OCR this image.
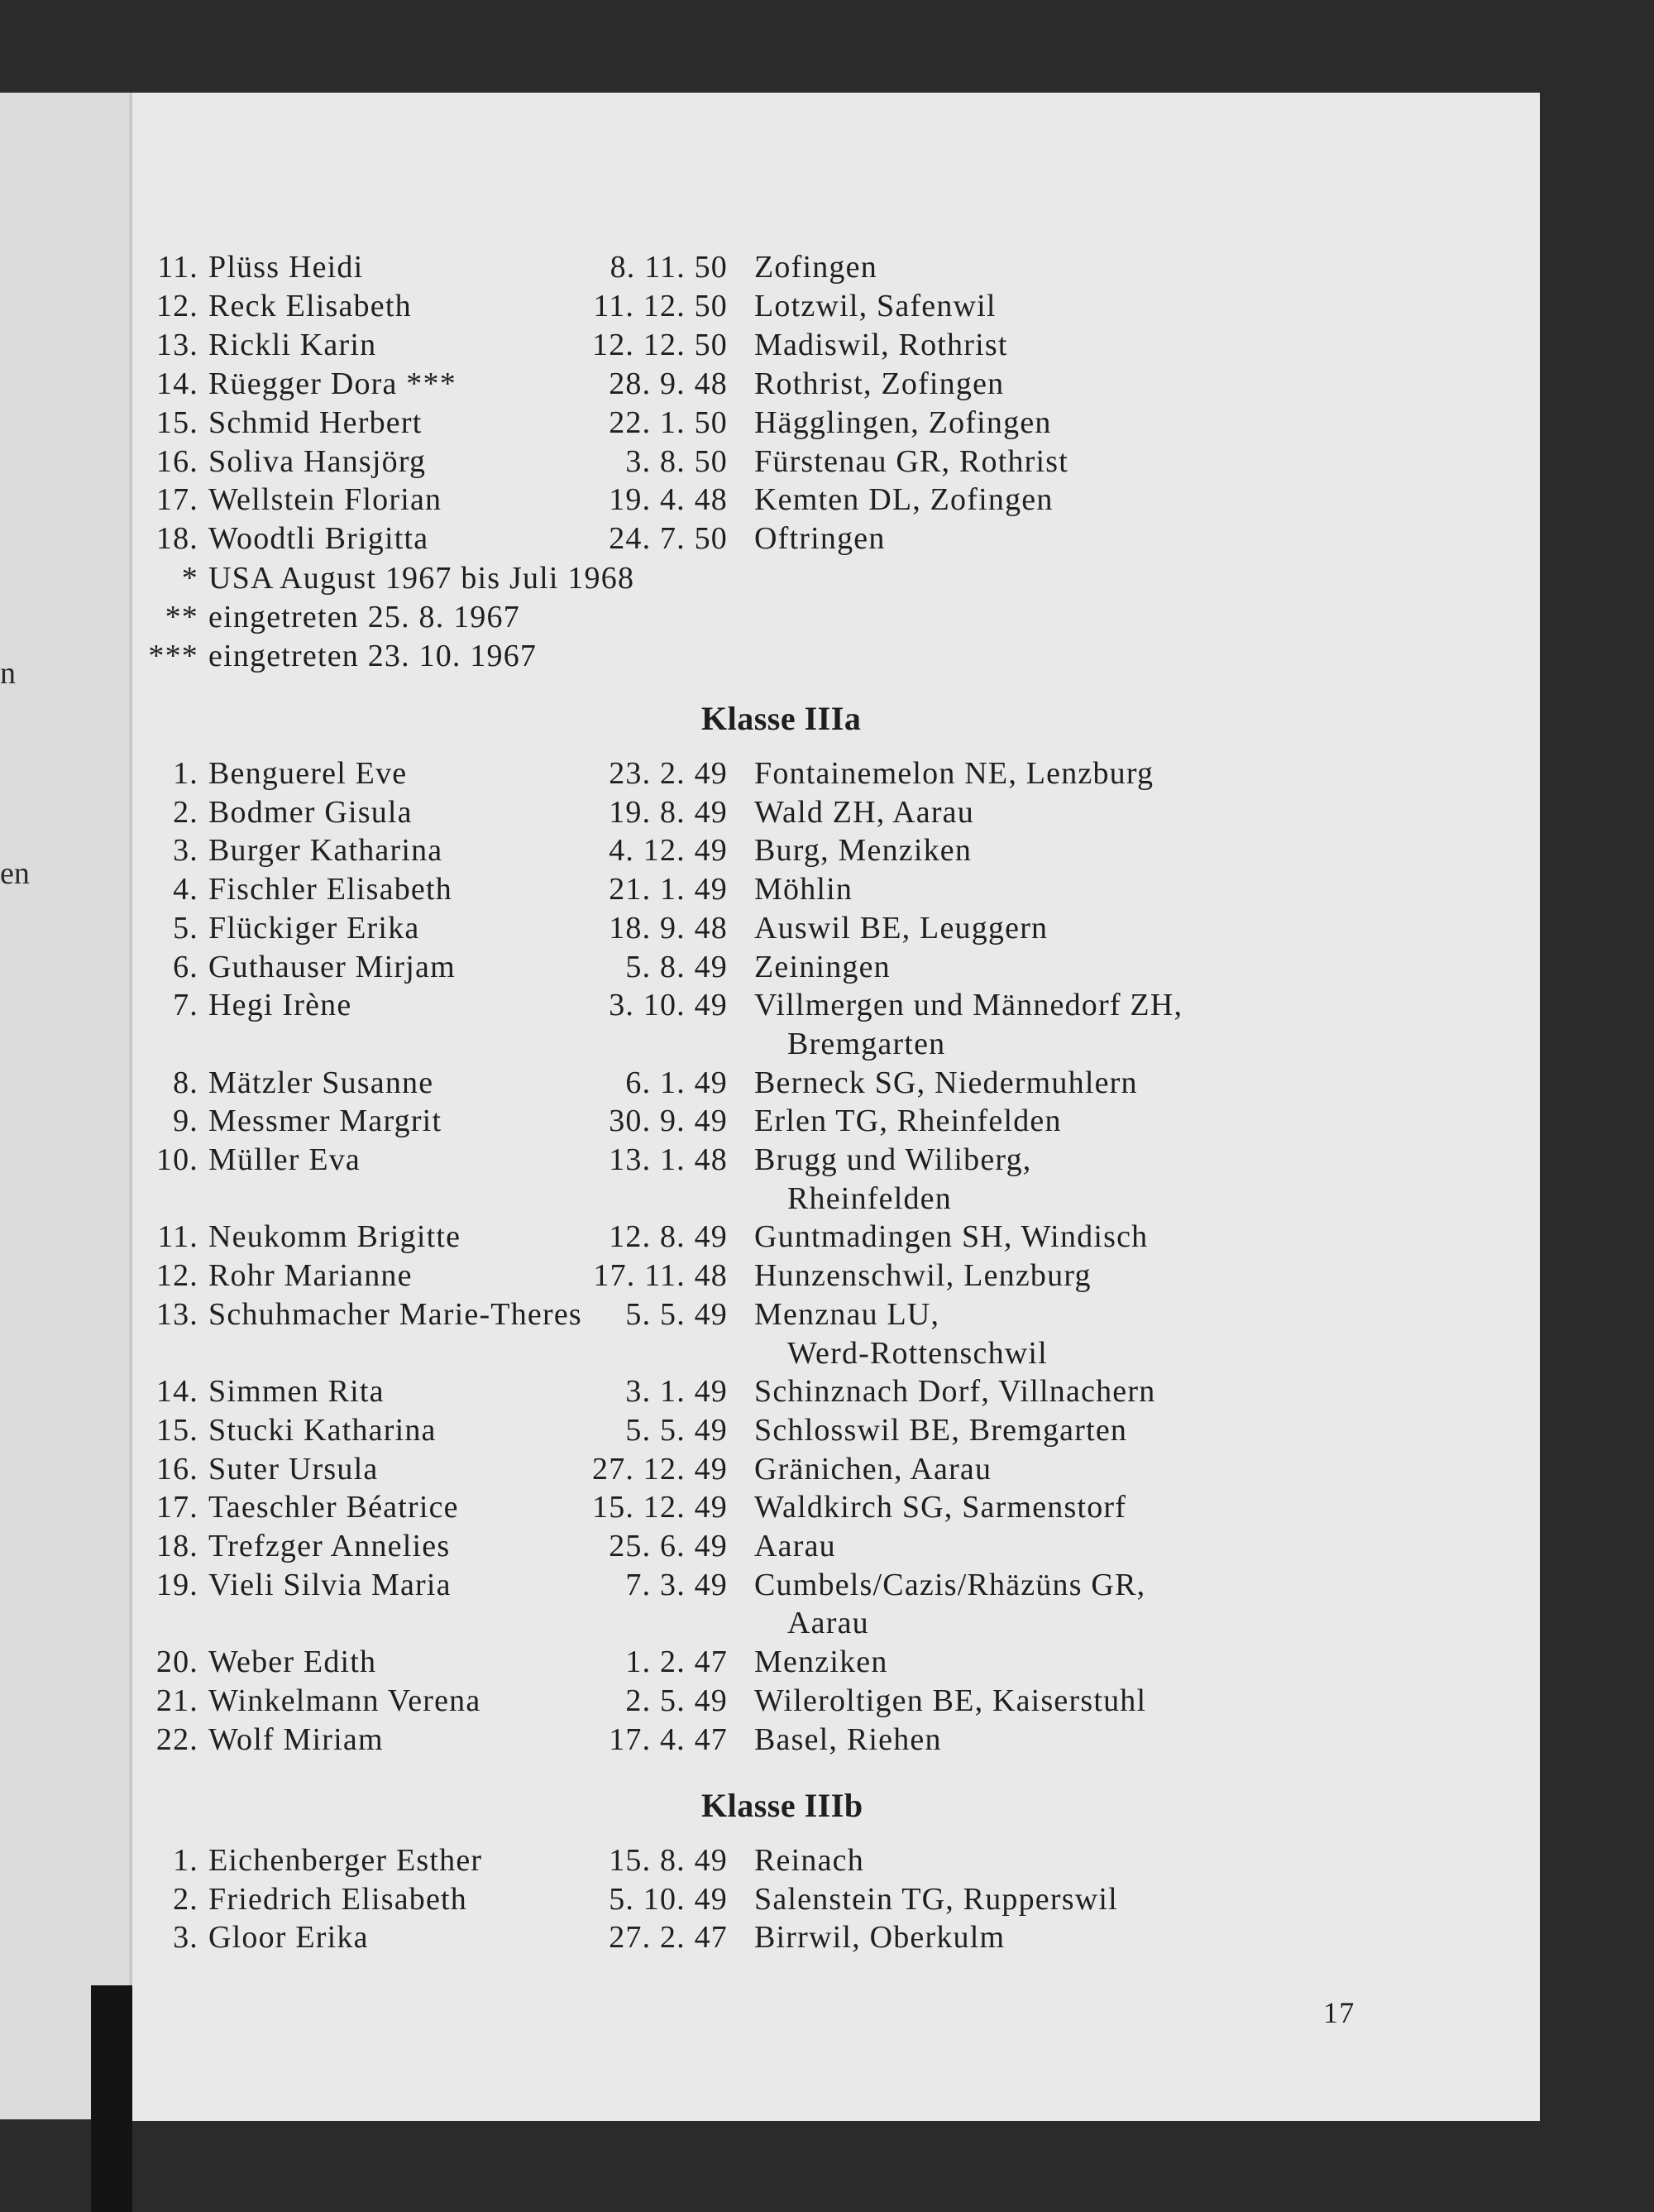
n
en
11. Plüss Heidi	8. 11. 50 Zofingen
12. Reck Elisabeth	11. 12. 50 Lotzwil, Safenwil
13. Rickli Karin	12. 12. 50 Madiswil, Rothrist
14. Rüegger Dora ***	28. 9. 48 Rothrist, Zofingen
15. Schmid Herbert	22. 1. 50 Hägglingen, Zofingen
16. Soliva Hansjörg	3. 8. 50 Fürstenau GR, Rothrist
17. Wellstein Florian	19. 4. 48 Kemten DL, Zofingen
18. Woodtli Brigitta	24. 7. 50 Oftringen
* USA August 1967 bis Juli 1968
** eingetreten 25. 8. 1967
*** eingetreten 23. 10. 1967
Klasse IIIa
1. Benguerel Eve	23. 2. 49 Fontainemelon NE, Lenzburg
2. Bodmer Gisula	19. 8. 49 Wald ZH, Aarau
3. Burger Katharina	4. 12. 49 Burg, Menziken
4. Fischler Elisabeth	21. 1. 49 Möhlin
5. Flückiger Erika	18. 9. 48 Auswil BE, Leuggern
6. Guthauser Mirjam	5. 8. 49 Zeiningen
7. Hegi Irène	3. 10. 49 Villmergen und Männedorf ZH,
Bremgarten
8. Mätzler Susanne	6. 1. 49 Berneck SG, Niedermuhlern
9. Messmer Margrit	30. 9. 49 Erlen TG, Rheinfelden
10. Müller Eva	13. 1. 48 Brugg und Wiliberg,
Rheinfelden
11. Neukomm Brigitte	12. 8. 49 Guntmadingen SH, Windisch
12. Rohr Marianne	17. 11. 48 Hunzenschwil, Lenzburg
13. Schuhmacher Marie-Theres	5. 5. 49 Menznau LU,
Werd-Rottenschwil
14. Simmen Rita	3. 1. 49 Schinznach Dorf, Villnachern
15. Stucki Katharina	5. 5. 49 Schlosswil BE, Bremgarten
16. Suter Ursula	27. 12. 49 Gränichen, Aarau
17. Taeschler Béatrice	15. 12. 49 Waldkirch SG, Sarmenstorf
18. Trefzger Annelies	25. 6. 49 Aarau
19. Vieli Silvia Maria	7. 3. 49 Cumbels/Cazis/Rhäzüns GR,
Aarau
20. Weber Edith	1. 2. 47 Menziken
21. Winkelmann Verena	2. 5. 49 Wileroltigen BE, Kaiserstuhl
22. Wolf Miriam	17. 4. 47 Basel, Riehen
Klasse IIIb
1. Eichenberger Esther	15. 8. 49 Reinach
2. Friedrich Elisabeth	5. 10. 49 Salenstein TG, Rupperswil
3. Gloor Erika	27. 2. 47 Birrwil, Oberkulm
17
